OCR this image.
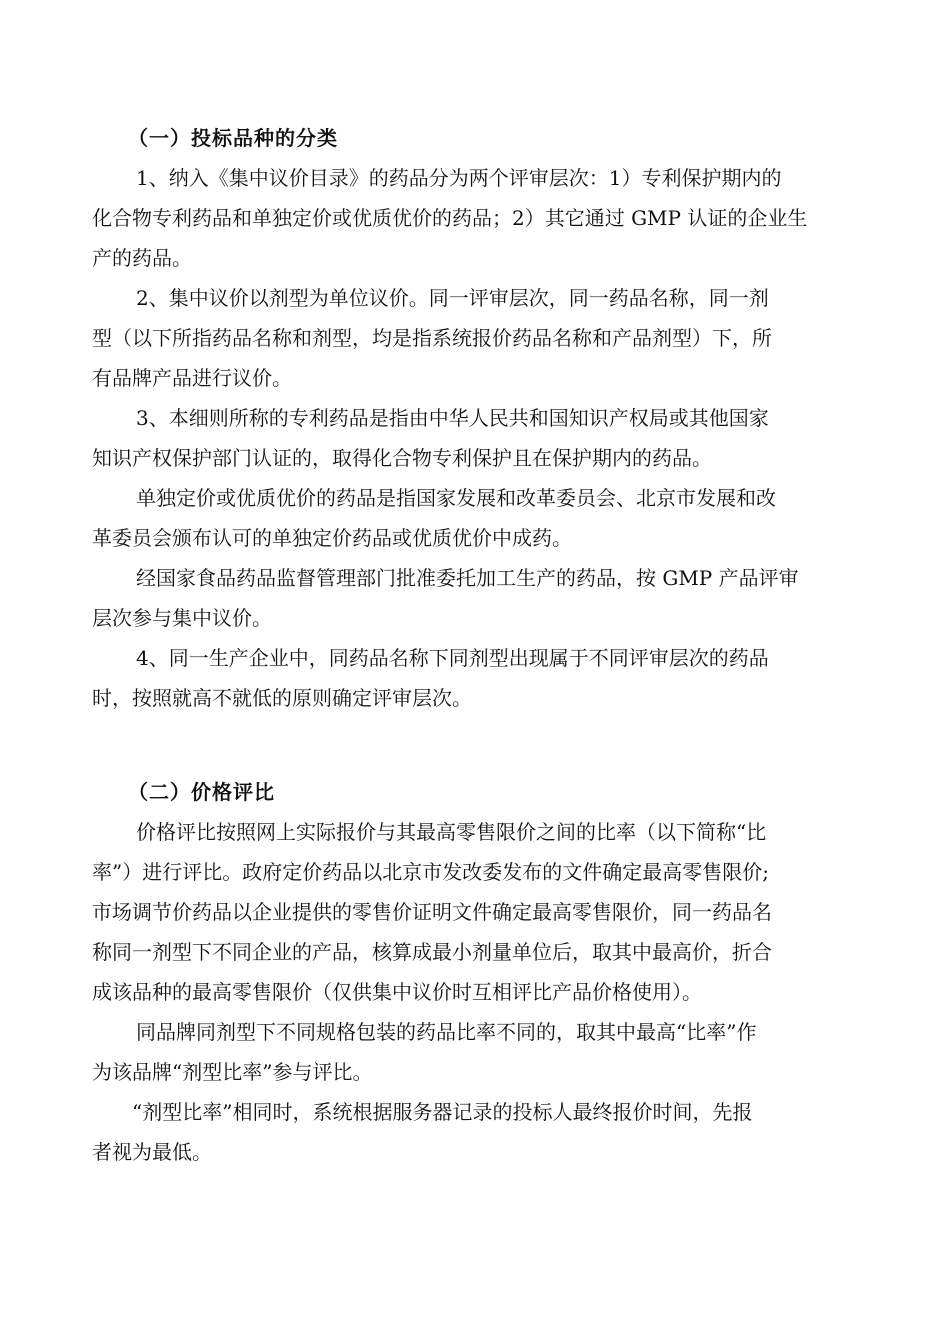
（一）投标品种的分类
1、纳入《集中议价目录》的药品分为两个评审层次：1）专利保护期内的
化合物专利药品和单独定价或优质优价的药品；2）其它通过 GMP 认证的企业生
产的药品。
2、集中议价以剂型为单位议价。同一评审层次，同一药品名称，同一剂
型（以下所指药品名称和剂型，均是指系统报价药品名称和产品剂型）下，所
有品牌产品进行议价。
3、本细则所称的专利药品是指由中华人民共和国知识产权局或其他国家
知识产权保护部门认证的，取得化合物专利保护且在保护期内的药品。
单独定价或优质优价的药品是指国家发展和改革委员会、北京市发展和改
革委员会颁布认可的单独定价药品或优质优价中成药。
经国家食品药品监督管理部门批准委托加工生产的药品，按 GMP 产品评审
层次参与集中议价。
4、同一生产企业中，同药品名称下同剂型出现属于不同评审层次的药品
时，按照就高不就低的原则确定评审层次。
（二）价格评比
价格评比按照网上实际报价与其最高零售限价之间的比率（以下简称“比
率”）进行评比。政府定价药品以北京市发改委发布的文件确定最高零售限价;
市场调节价药品以企业提供的零售价证明文件确定最高零售限价，同一药品名
称同一剂型下不同企业的产品，核算成最小剂量单位后，取其中最高价，折合
成该品种的最高零售限价（仅供集中议价时互相评比产品价格使用）。
同品牌同剂型下不同规格包装的药品比率不同的，取其中最高“比率”作
为该品牌“剂型比率”参与评比。
“剂型比率”相同时，系统根据服务器记录的投标人最终报价时间，先报
者视为最低。
